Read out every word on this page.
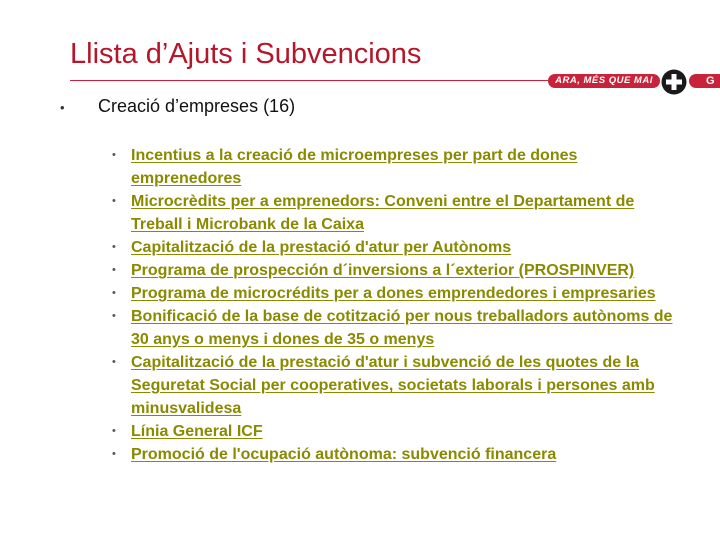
Llista d’Ajuts i Subvencions
ARA, MÉS QUE MAI	G
•	Creació d’empreses (16)
• Incentius a la creació de microempreses per part de dones emprenedores
• Microcrèdits per a emprenedors: Conveni entre el Departament de Treball i Microbank de la Caixa
• Capitalització de la prestació d'atur per Autònoms
• Programa de prospección d´inversions a l´exterior (PROSPINVER)
• Programa de microcrédits per a dones emprendedores i empresaries
• Bonificació de la base de cotització per nous treballadors autònoms de 30 anys o menys i dones de 35 o menys
• Capitalització de la prestació d'atur i subvenció de les quotes de la Seguretat Social per cooperatives, societats laborals i persones amb minusvalidesa
• Línia General ICF
• Promoció de l'ocupació autònoma: subvenció financera
